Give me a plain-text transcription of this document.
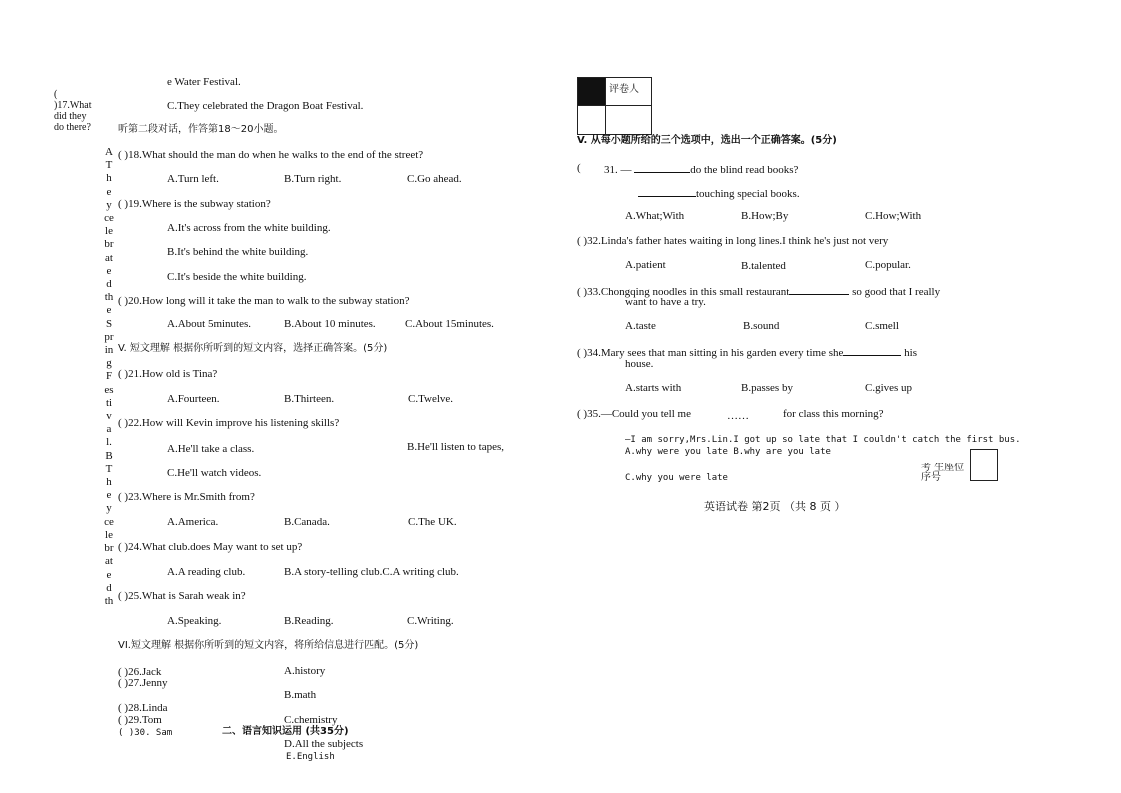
e Water Festival.
(
)17.What
did they
do there?
C.They celebrated the Dragon Boat Festival.
听第二段对话，作答第18～20小题。
AThey celebrated the Spring Festival. BThey celebrated th
( )18.What should the man do when he walks to the end of the street?
A.Turn left.	B.Turn right.	C.Go ahead.
( )19.Where is the subway station?
A.It's across from the white building.
B.It's behind the white building.
C.It's beside the white building.
( )20.How long will it take the man to walk to the subway station?
A.About 5minutes.	B.About 10 minutes.	C.About 15minutes.
V. 短文理解 根据你所听到的短文内容，选择正确答案。(5分)
( )21.How old is Tina?
A.Fourteen.	B.Thirteen.	C.Twelve.
( )22.How will Kevin improve his listening skills?
A.He'll take a class.	B.He'll listen to tapes,
C.He'll watch videos.
( )23.Where is Mr.Smith from?
A.America.	B.Canada.	C.The UK.
( )24.What club.does May want to set up?
A.A reading club.	B.A story-telling club.C.A writing club.
( )25.What is Sarah weak in?
A.Speaking.	B.Reading.	C.Writing.
VI.短文理解 根据你所听到的短文内容，将所给信息进行匹配。(5分)
( )26.Jack
( )27.Jenny
( )28.Linda
( )29.Tom
( )30. Sam
A.history
B.math
C.chemistry
D.All the subjects
E.English
二、语言知识运用 (共35分)
评卷人
V. 从每小题所给的三个选项中，选出一个正确答案。(5分)
( 31. —	do the blind read books?
touching special books.
A.What;With	B.How;By	C.How;With
( )32.Linda's father hates waiting in long lines.I think he's just not very
A.patient	B.talented	C.popular.
( )33.Chongqing noodles in this small restaurant	so good that I really
want to have a try.
A.taste	B.sound	C.smell
( )34.Mary sees that man sitting in his garden every time she	his
house.
A.starts with	B.passes by	C.gives up
( )35.—Could you tell me	……	for class this morning?
—I am sorry,Mrs.Lin.I got up so late that I couldn't catch the first bus.
A.why were you late B.why are you late
C.why you were late
考 生座位序号
英语试卷 第2页 （共 8 页 ）
